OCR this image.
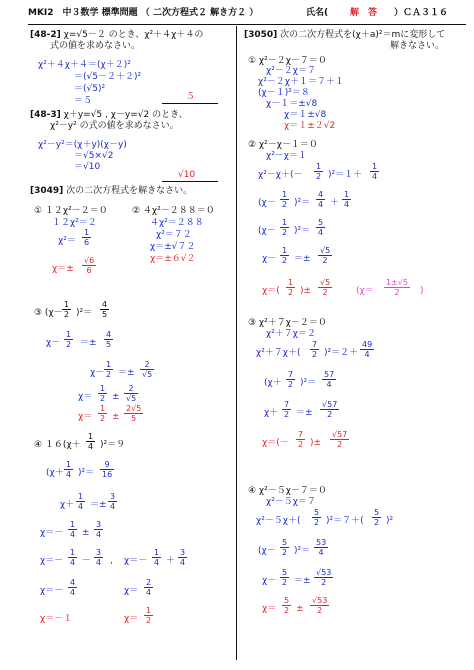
MKI2　中３数学 標準問題 （ 二次方程式２ 解き方２ ）	氏名( 解　答 ）ＣＡ３１６
[48-2] χ=√5－２ のとき、χ²＋４χ＋４の
式の値を求めなさい。
χ²＋４χ＋４＝(χ＋２)²
＝(√5－２＋２)²
＝(√5)²
＝５	５
[48-3] χ＋y=√5 , χ－y=√2 のとき、
χ²－y² の式の値を求めなさい。
χ²－y²＝(χ＋y)(χ－y)
＝√5×√2
＝√10
√10
[3049] 次の二次方程式を解きなさい。
① １２χ²－２＝０
１２χ²＝２
$\chi^2= \frac{1}{6}$
$\chi=\pm \frac{√6}{6}$
② ４χ²－２８８＝０
４χ²＝２８８
χ²＝７２
χ＝±√７２
χ＝±６√２
③ $(\chi- \frac{1}{2} )^2= \frac{4}{5}$
$\chi- \frac{1}{2} =\pm \frac{4}{5}$
$\chi- \frac{1}{2} =\pm \frac{2}{√5}$
$\chi= \frac{1}{2} \pm \frac{2}{√5}$
$\chi= \frac{1}{2} \pm \frac{2√5}{5}$
④ $16(\chi+ \frac{1}{4} )^2=9$
$(\chi+ \frac{1}{4} )^2= \frac{9}{16}$
$\chi+ \frac{1}{4} =\pm \frac{3}{4}$
$\chi=- \frac{1}{4} \pm \frac{3}{4}$
$\chi=- \frac{1}{4} - \frac{3}{4}$ , $\chi=- \frac{1}{4} + \frac{3}{4}$
$\chi=- \frac{4}{4}$	$\chi= \frac{2}{4}$
χ＝－１	$\chi= \frac{1}{2}$
[3050] 次の二次方程式を(χ＋a)²＝mに変形して
解きなさい。
① χ²－２χ－７＝０
χ²－２χ＝７
χ²－２χ＋１＝７＋１
(χ－１)²＝８
χ－１＝±√8
χ＝１±√8
χ＝１±２√2
② χ²－χ－１＝０
χ²－χ＝１
$\chi^2-\chi+(- \frac{1}{2} )^2=1+ \frac{1}{4}$
$(\chi- \frac{1}{2} )^2= \frac{4}{4} + \frac{1}{4}$
$(\chi- \frac{1}{2} )^2= \frac{5}{4}$
$\chi- \frac{1}{2} =\pm \frac{√5}{2}$
$\chi=( \frac{1}{2}$ )± $\frac{√5}{2}$	($\chi= \frac{1\pm√5}{2}$ )
③ χ²＋７χ－２＝０
χ²＋７χ＝２
$\chi^2+7\chi+( \frac{7}{2} )^2=2+ \frac{49}{4}$
$(\chi+ \frac{7}{2} )^2= \frac{57}{4}$
$\chi+ \frac{7}{2} =\pm \frac{√57}{2}$
$\chi=(- \frac{7}{2}$ )± $\frac{√57}{2}$
④ χ²－５χ－７＝０
χ²－５χ＝７
$\chi^2-5\chi+( \frac{5}{2} )^2=7+( \frac{5}{2} )^2$
$(\chi- \frac{5}{2} )^2= \frac{53}{4}$
$\chi- \frac{5}{2} =\pm \frac{√53}{2}$
$\chi= \frac{5}{2} \pm \frac{√53}{2}$
